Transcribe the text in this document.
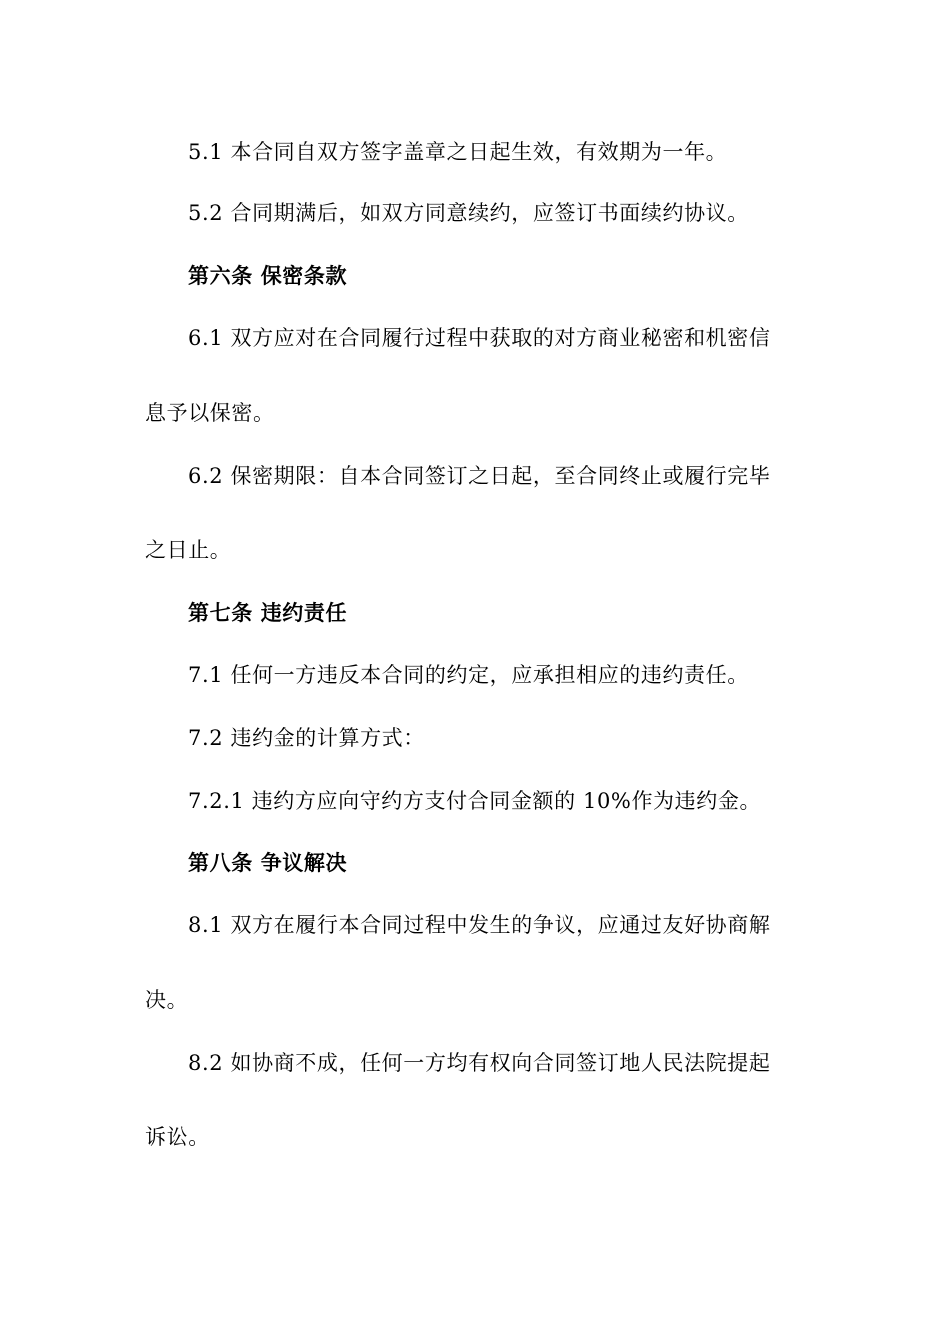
5.1 本合同自双方签字盖章之日起生效，有效期为一年。

5.2 合同期满后，如双方同意续约，应签订书面续约协议。

第六条 保密条款

6.1 双方应对在合同履行过程中获取的对方商业秘密和机密信

息予以保密。

6.2 保密期限：自本合同签订之日起，至合同终止或履行完毕

之日止。

第七条 违约责任

7.1 任何一方违反本合同的约定，应承担相应的违约责任。

7.2 违约金的计算方式：

7.2.1 违约方应向守约方支付合同金额的 10%作为违约金。

第八条 争议解决

8.1 双方在履行本合同过程中发生的争议，应通过友好协商解

决。

8.2 如协商不成，任何一方均有权向合同签订地人民法院提起

诉讼。
